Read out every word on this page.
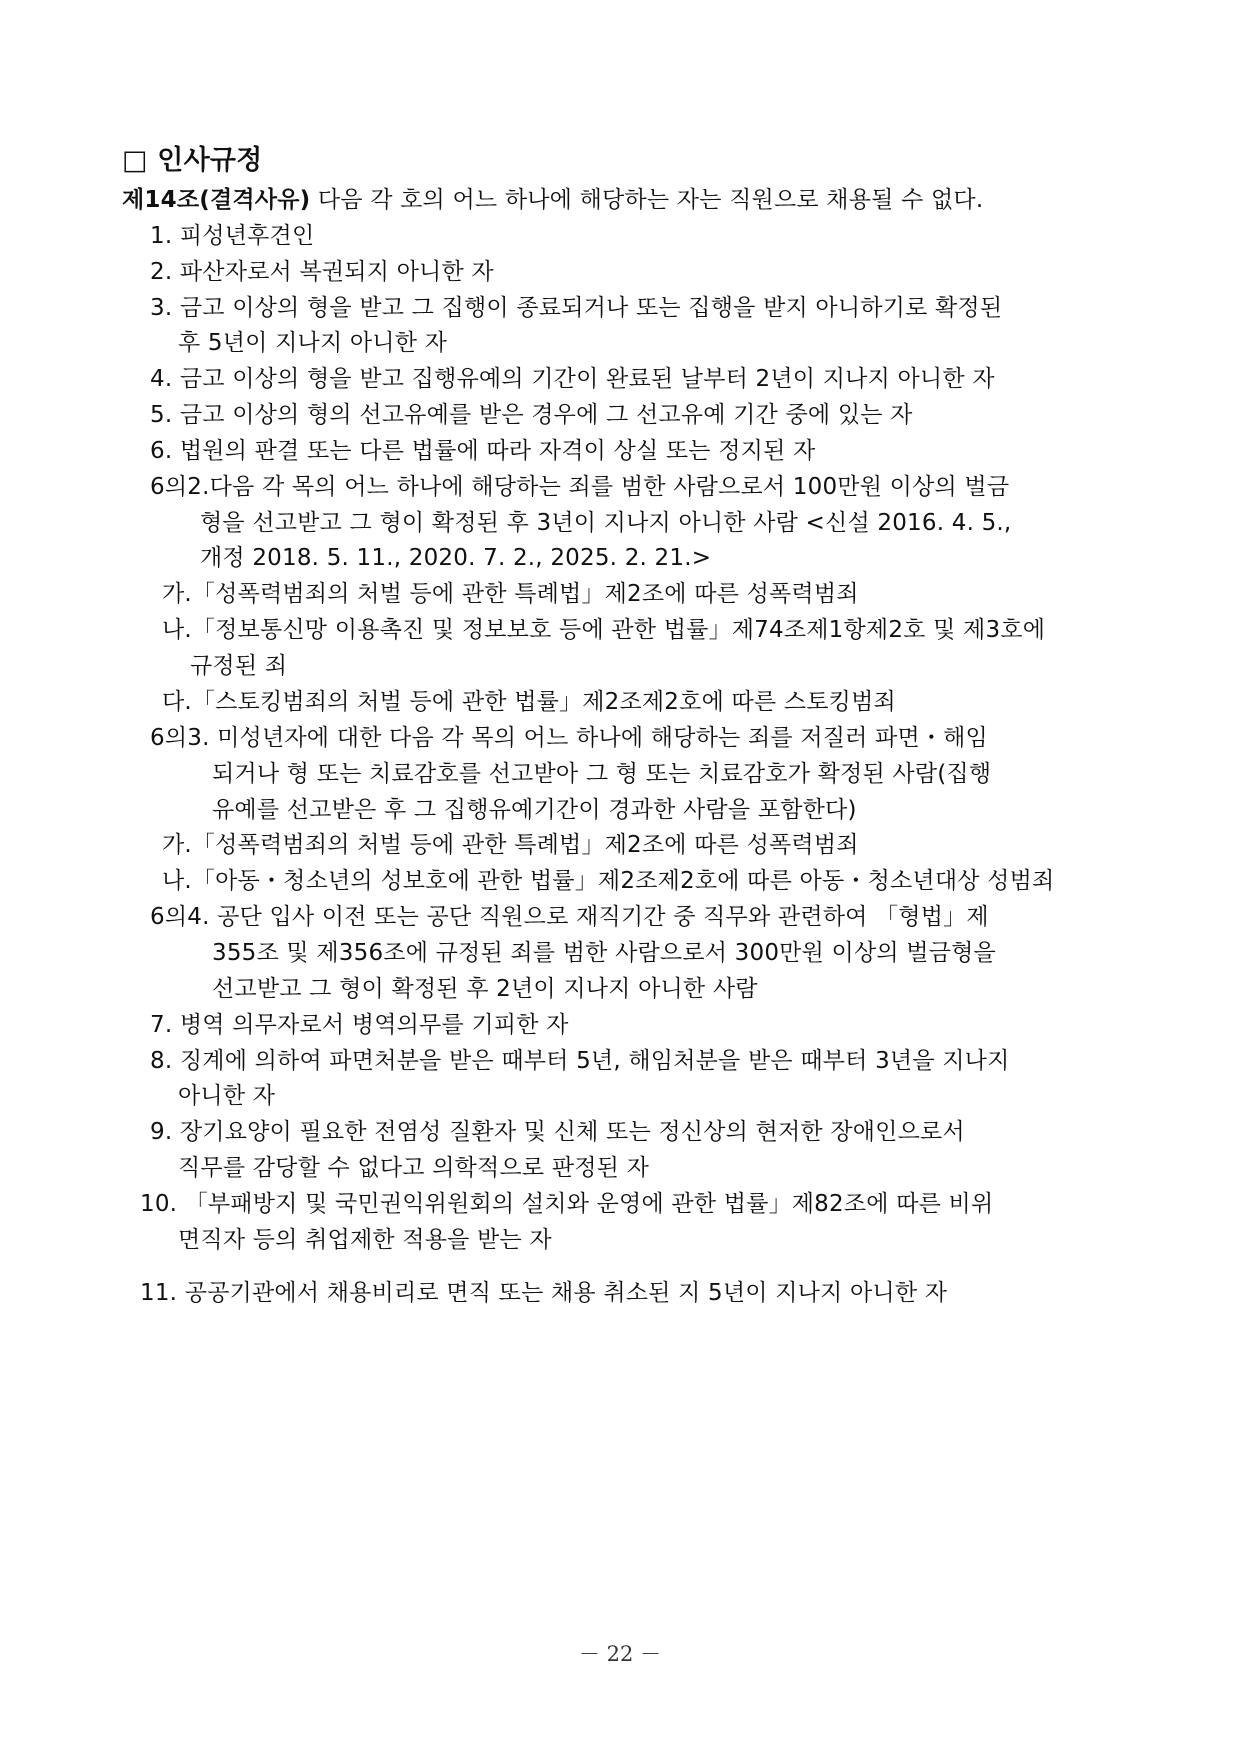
□ 인사규정
제14조(결격사유) 다음 각 호의 어느 하나에 해당하는 자는 직원으로 채용될 수 없다.
1. 피성년후견인
2. 파산자로서 복권되지 아니한 자
3. 금고 이상의 형을 받고 그 집행이 종료되거나 또는 집행을 받지 아니하기로 확정된
후 5년이 지나지 아니한 자
4. 금고 이상의 형을 받고 집행유예의 기간이 완료된 날부터 2년이 지나지 아니한 자
5. 금고 이상의 형의 선고유예를 받은 경우에 그 선고유예 기간 중에 있는 자
6. 법원의 판결 또는 다른 법률에 따라 자격이 상실 또는 정지된 자
6의2.다음 각 목의 어느 하나에 해당하는 죄를 범한 사람으로서 100만원 이상의 벌금
형을 선고받고 그 형이 확정된 후 3년이 지나지 아니한 사람 <신설 2016. 4. 5.,
개정 2018. 5. 11., 2020. 7. 2., 2025. 2. 21.>
가.「성폭력범죄의 처벌 등에 관한 특례법」제2조에 따른 성폭력범죄
나.「정보통신망 이용촉진 및 정보보호 등에 관한 법률」제74조제1항제2호 및 제3호에
규정된 죄
다.「스토킹범죄의 처벌 등에 관한 법률」제2조제2호에 따른 스토킹범죄
6의3. 미성년자에 대한 다음 각 목의 어느 하나에 해당하는 죄를 저질러 파면・해임
되거나 형 또는 치료감호를 선고받아 그 형 또는 치료감호가 확정된 사람(집행
유예를 선고받은 후 그 집행유예기간이 경과한 사람을 포함한다)
가.「성폭력범죄의 처벌 등에 관한 특례법」제2조에 따른 성폭력범죄
나.「아동・청소년의 성보호에 관한 법률」제2조제2호에 따른 아동・청소년대상 성범죄
6의4. 공단 입사 이전 또는 공단 직원으로 재직기간 중 직무와 관련하여 「형법」제
355조 및 제356조에 규정된 죄를 범한 사람으로서 300만원 이상의 벌금형을
선고받고 그 형이 확정된 후 2년이 지나지 아니한 사람
7. 병역 의무자로서 병역의무를 기피한 자
8. 징계에 의하여 파면처분을 받은 때부터 5년, 해임처분을 받은 때부터 3년을 지나지
아니한 자
9. 장기요양이 필요한 전염성 질환자 및 신체 또는 정신상의 현저한 장애인으로서
직무를 감당할 수 없다고 의학적으로 판정된 자
10. 「부패방지 및 국민권익위원회의 설치와 운영에 관한 법률」제82조에 따른 비위
면직자 등의 취업제한 적용을 받는 자
11. 공공기관에서 채용비리로 면직 또는 채용 취소된 지 5년이 지나지 아니한 자
－ 22 －
